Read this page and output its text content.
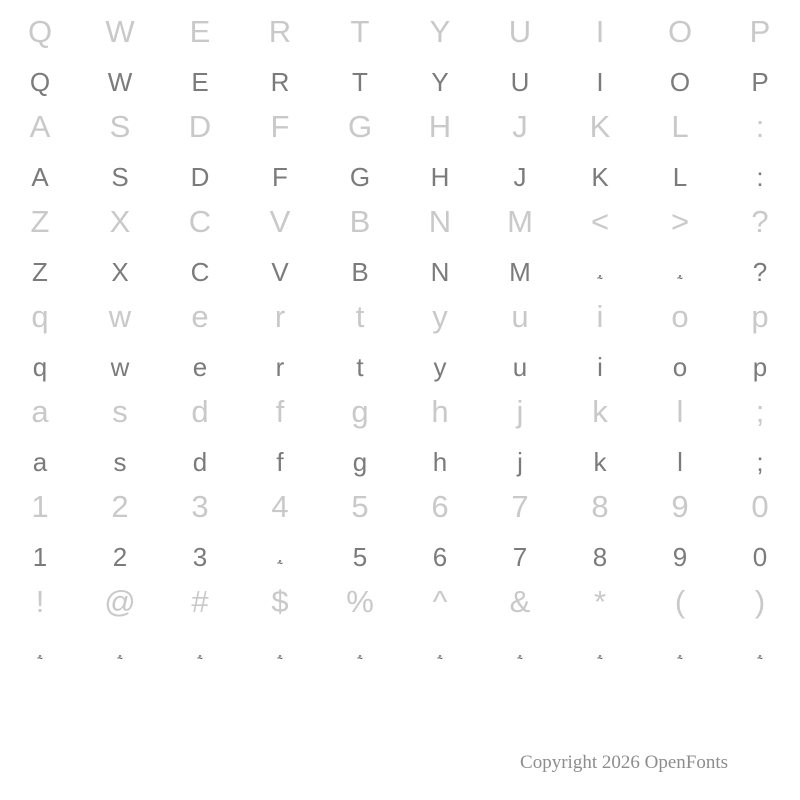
Q	W	E	R	T	Y	U	I	O	P
Q	W	E	R	T	Y	U	I	O	P
A	S	D	F	G	H	J	K	L	:
A	S	D	F	G	H	J	K	L	:
Z	X	C	V	B	N	M	<	>	?
Z	X	C	V	B	N	M	⸛	⸛	?
q	w	e	r	t	y	u	i	o	p
q	w	e	r	t	y	u	i	o	p
a	s	d	f	g	h	j	k	l	;
a	s	d	f	g	h	j	k	l	;
1	2	3	4	5	6	7	8	9	0
1	2	3	⸛	5	6	7	8	9	0
!	@	#	$	%	^	&	*	(	)
⸛	⸛	⸛	⸛	⸛	⸛	⸛	⸛	⸛	⸛
Copyright 2026 OpenFonts
